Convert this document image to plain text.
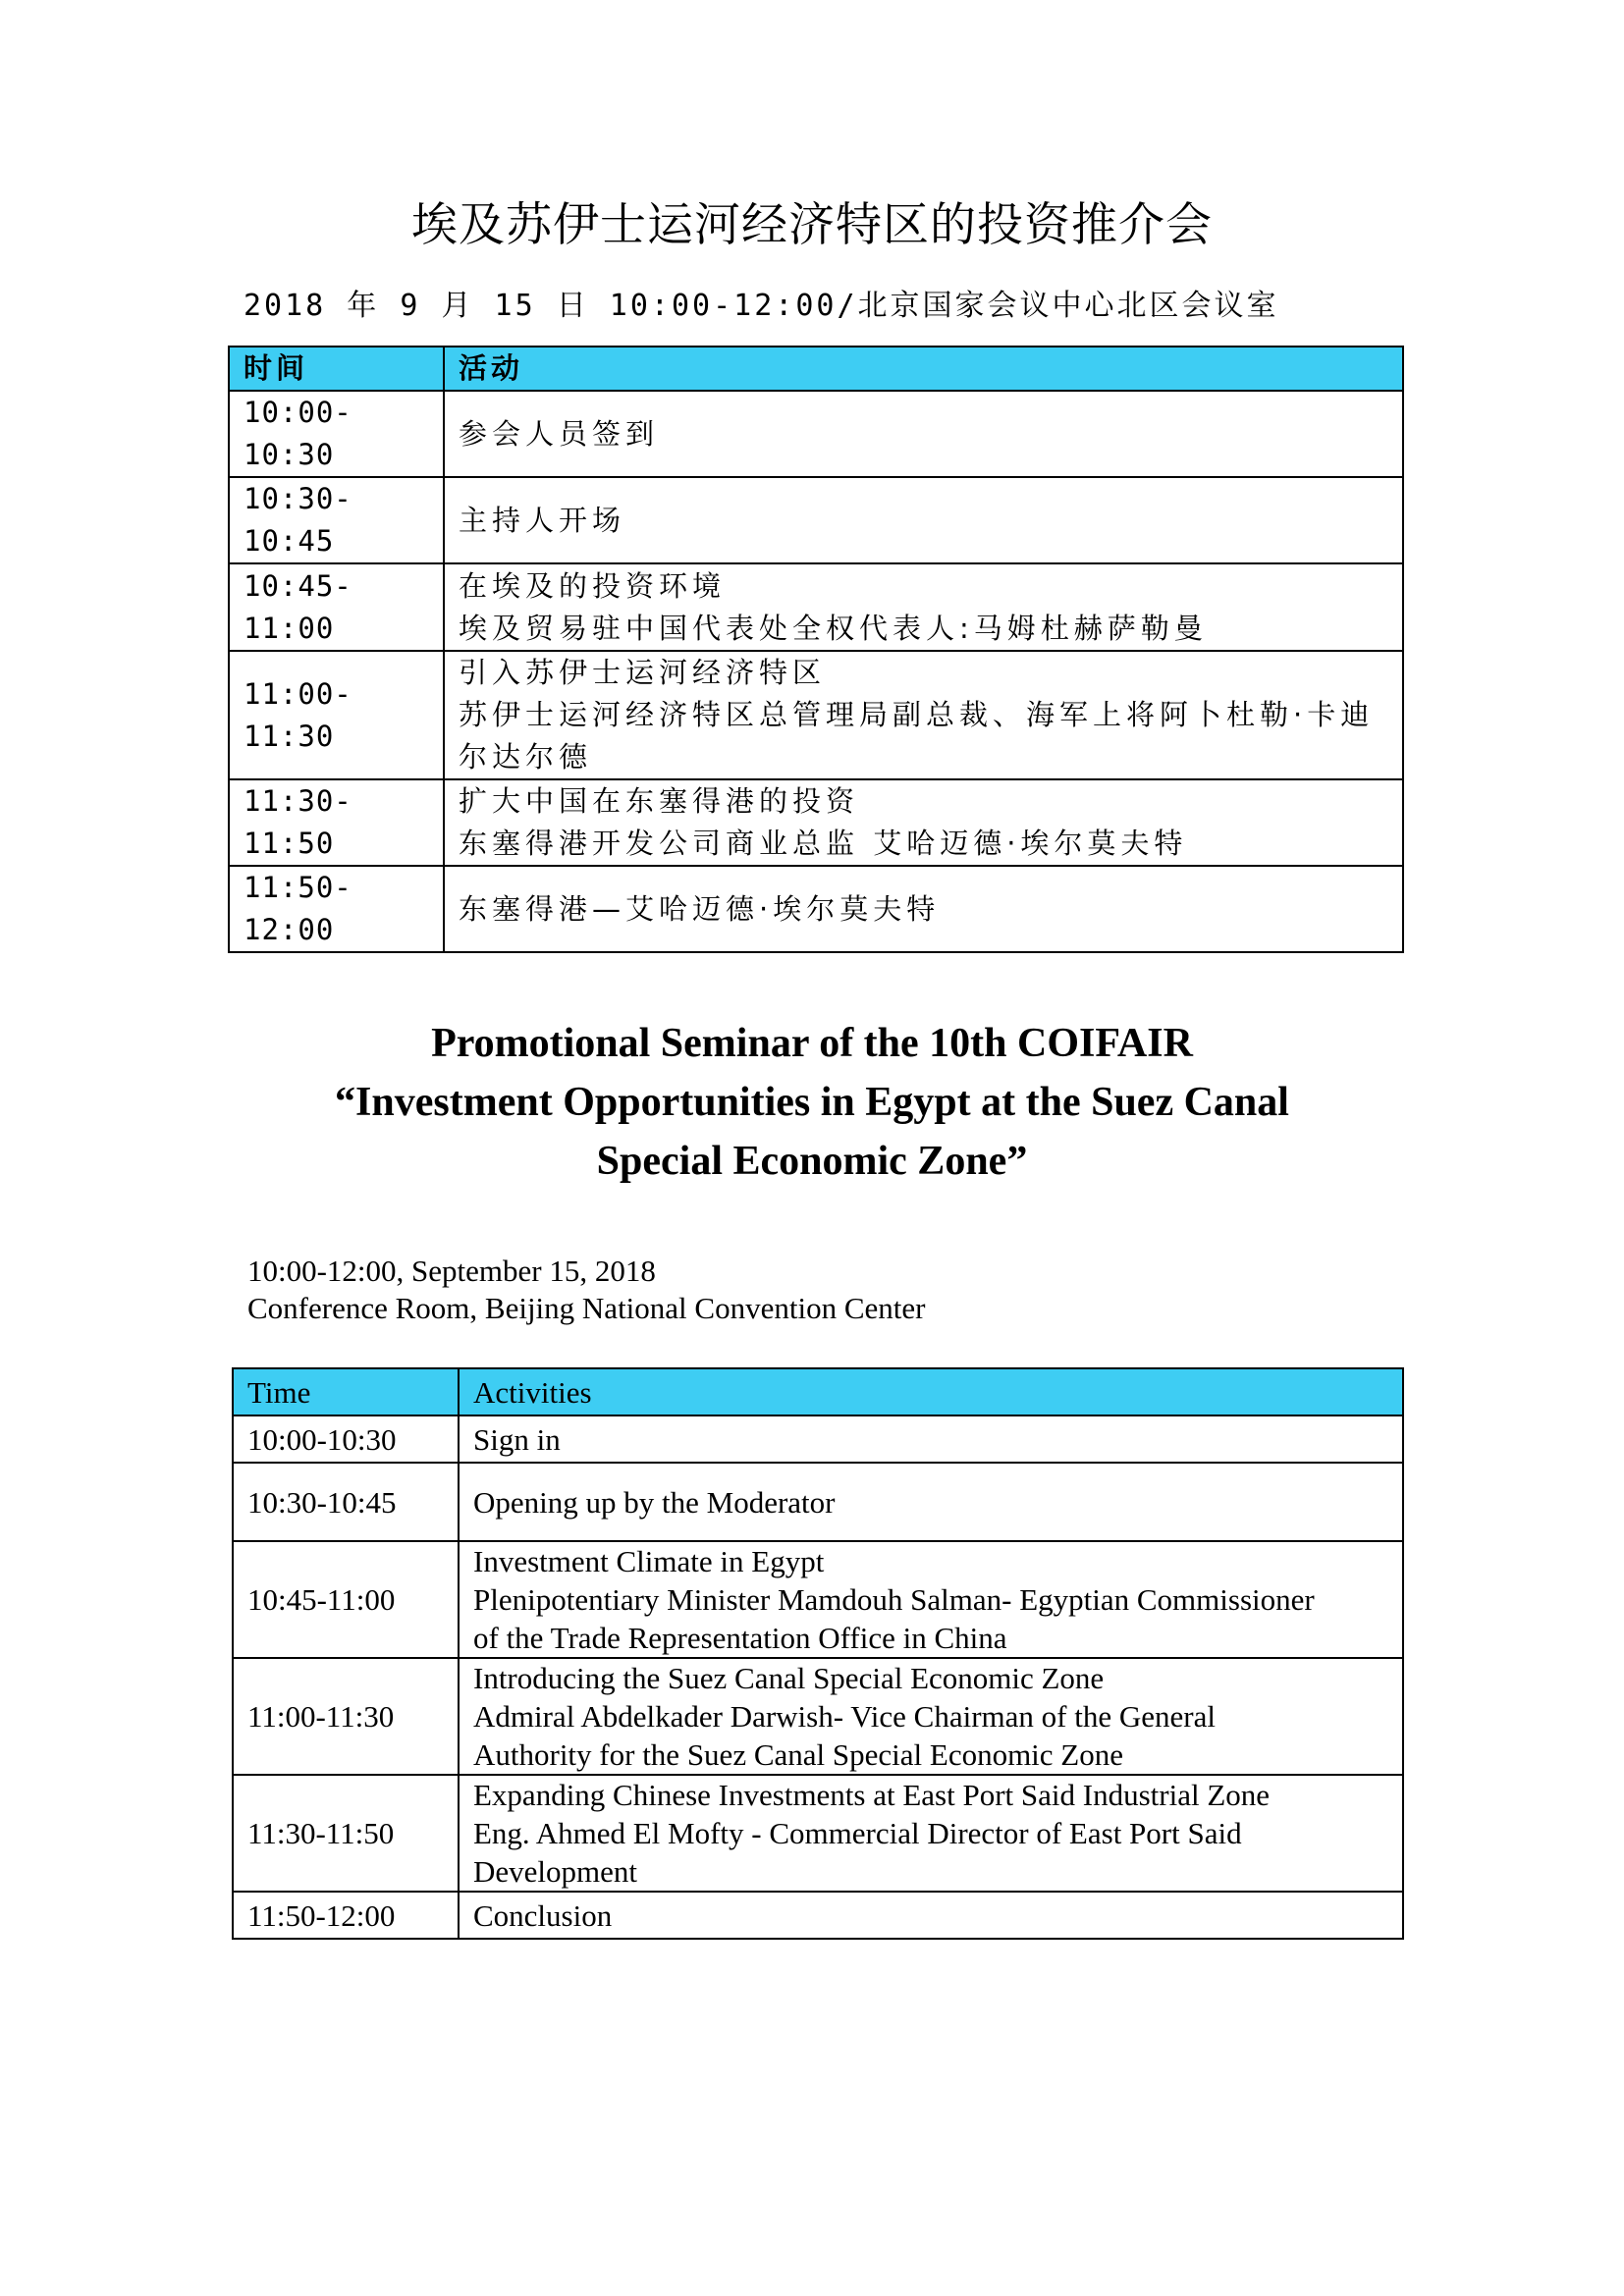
埃及苏伊士运河经济特区的投资推介会
2018 年 9 月 15 日 10:00-12:00/北京国家会议中心北区会议室
时间	活动
10:00-10:30	参会人员签到

10:30-10:45	主持人开场

10:45-11:00	在埃及的投资环境
埃及贸易驻中国代表处全权代表人:马姆杜赫萨勒曼

11:00-11:30	引入苏伊士运河经济特区
苏伊士运河经济特区总管理局副总裁、海军上将阿卜杜勒·卡迪
尔达尔德

11:30-11:50	扩大中国在东塞得港的投资
东塞得港开发公司商业总监 艾哈迈德·埃尔莫夫特

11:50-12:00	东塞得港—艾哈迈德·埃尔莫夫特
Promotional Seminar of the 10th COIFAIR
“Investment Opportunities in Egypt at the Suez Canal
Special Economic Zone”
10:00-12:00, September 15, 2018
Conference Room, Beijing National Convention Center
Time	Activities
10:00-10:30	Sign in

10:30-10:45	Opening up by the Moderator

10:45-11:00	Investment Climate in Egypt
Plenipotentiary Minister Mamdouh Salman- Egyptian Commissioner
of the Trade Representation Office in China

11:00-11:30	Introducing the Suez Canal Special Economic Zone
Admiral Abdelkader Darwish- Vice Chairman of the General
Authority for the Suez Canal Special Economic Zone

11:30-11:50	Expanding Chinese Investments at East Port Said Industrial Zone
Eng. Ahmed El Mofty - Commercial Director of East Port Said
Development

11:50-12:00	Conclusion
